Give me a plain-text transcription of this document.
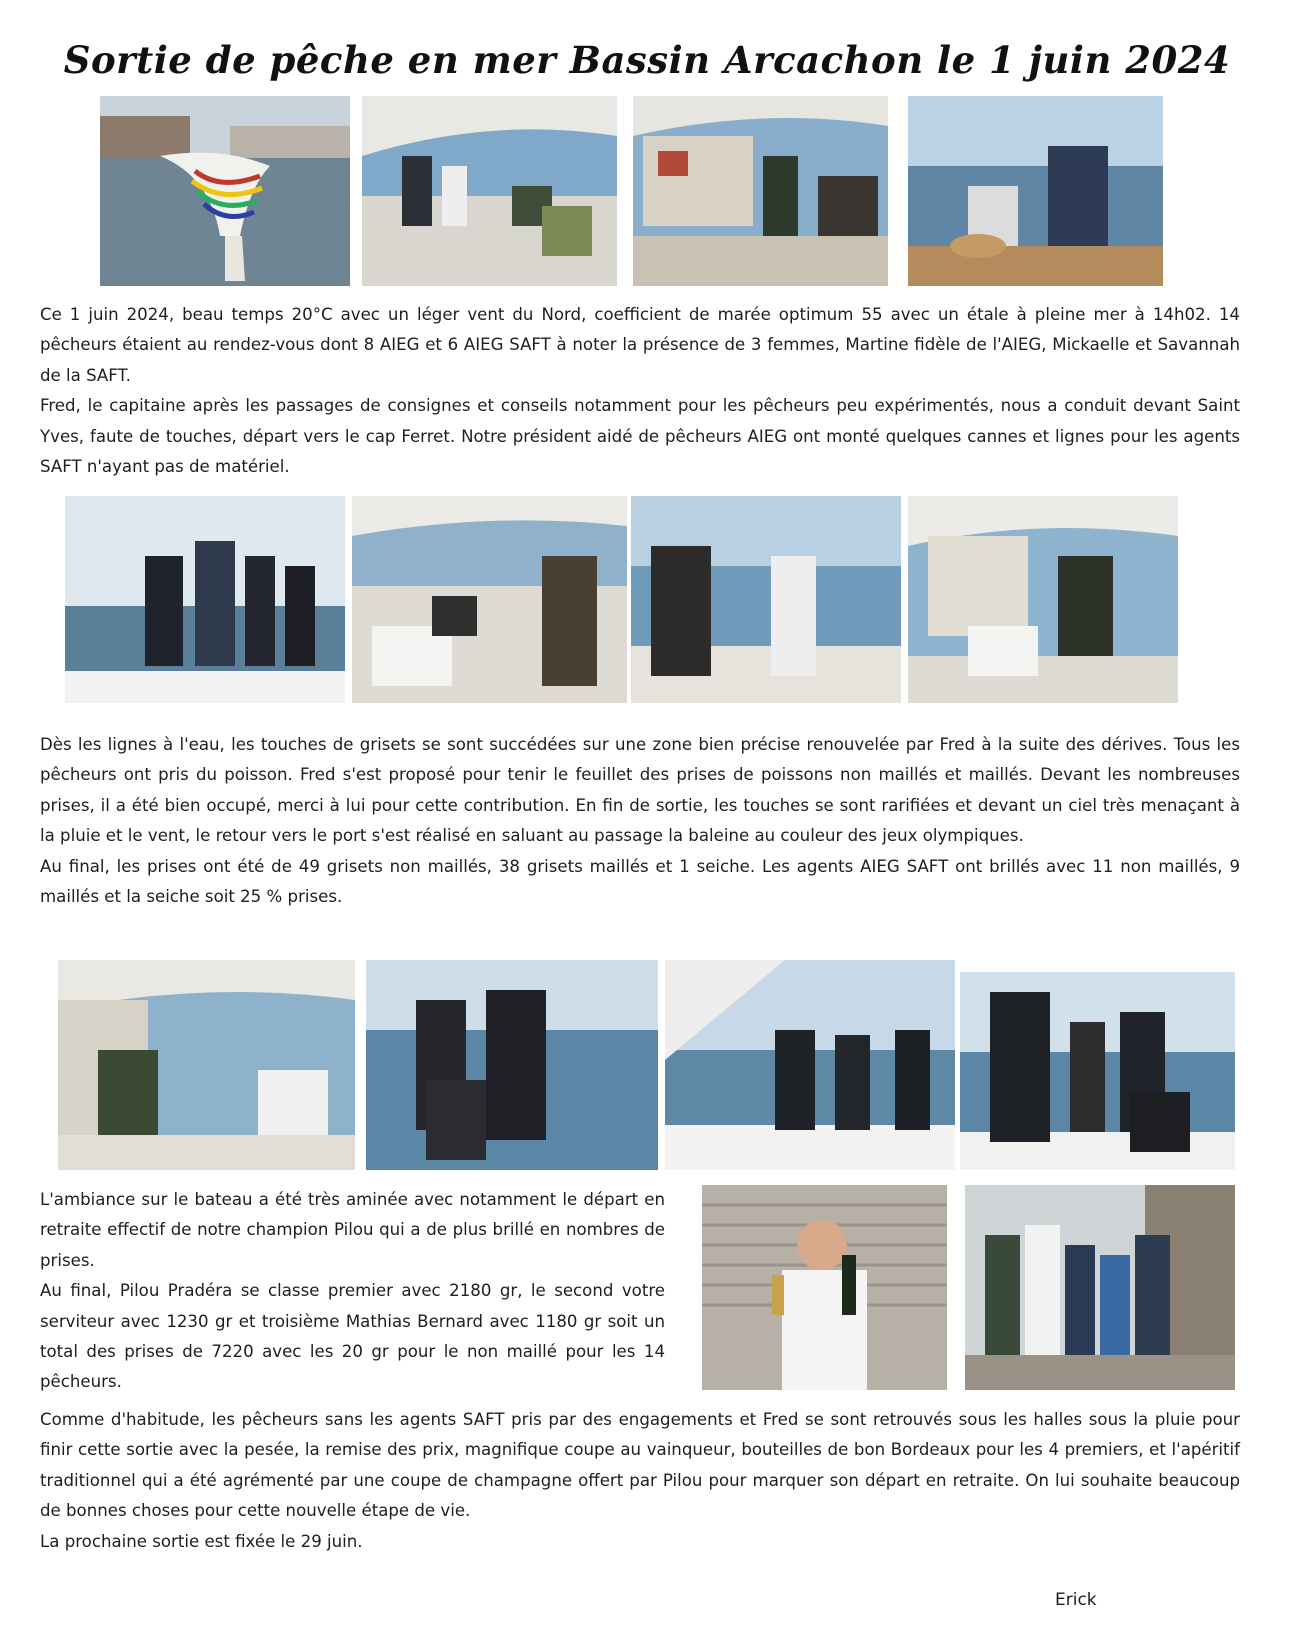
Sortie de pêche en mer Bassin Arcachon le 1 juin 2024

Ce 1 juin 2024, beau temps 20°C avec un léger vent du Nord, coefficient de marée optimum 55 avec un étale à pleine mer à 14h02. 14 pêcheurs étaient au rendez-vous dont 8 AIEG et 6 AIEG SAFT à noter la présence de 3 femmes, Martine fidèle de l'AIEG, Mickaelle et Savannah de la SAFT.

Fred, le capitaine après les passages de consignes et conseils notamment pour les pêcheurs peu expérimentés, nous a conduit devant Saint Yves, faute de touches, départ vers le cap Ferret. Notre président aidé de pêcheurs AIEG ont monté quelques cannes et lignes pour les agents SAFT n'ayant pas de matériel.

Dès les lignes à l'eau, les touches de grisets se sont succédées sur une zone bien précise renouvelée par Fred à la suite des dérives. Tous les pêcheurs ont pris du poisson. Fred s'est proposé pour tenir le feuillet des prises de poissons non maillés et maillés. Devant les nombreuses prises, il a été bien occupé, merci à lui pour cette contribution. En fin de sortie, les touches se sont rarifiées et devant un ciel très menaçant à la pluie et le vent, le retour vers le port s'est réalisé en saluant au passage la baleine au couleur des jeux olympiques.

Au final, les prises ont été de 49 grisets non maillés, 38 grisets maillés et 1 seiche. Les agents AIEG SAFT ont brillés avec 11 non maillés, 9 maillés et la seiche soit 25 % prises.

L'ambiance sur le bateau a été très aminée avec notamment le départ en retraite effectif de notre champion Pilou qui a de plus brillé en nombres de prises.

Au final, Pilou Pradéra se classe premier avec 2180 gr, le second votre serviteur avec 1230 gr et troisième Mathias Bernard avec 1180 gr soit un total des prises de 7220 avec les 20 gr pour le non maillé pour les 14 pêcheurs.

Comme d'habitude, les pêcheurs sans les agents SAFT pris par des engagements et Fred se sont retrouvés sous les halles sous la pluie pour finir cette sortie avec la pesée, la remise des prix, magnifique coupe au vainqueur, bouteilles de bon Bordeaux pour les 4 premiers, et l'apéritif traditionnel qui a été agrémenté par une coupe de champagne offert par Pilou pour marquer son départ en retraite. On lui souhaite beaucoup de bonnes choses pour cette nouvelle étape de vie.

La prochaine sortie est fixée le 29 juin.

Erick
